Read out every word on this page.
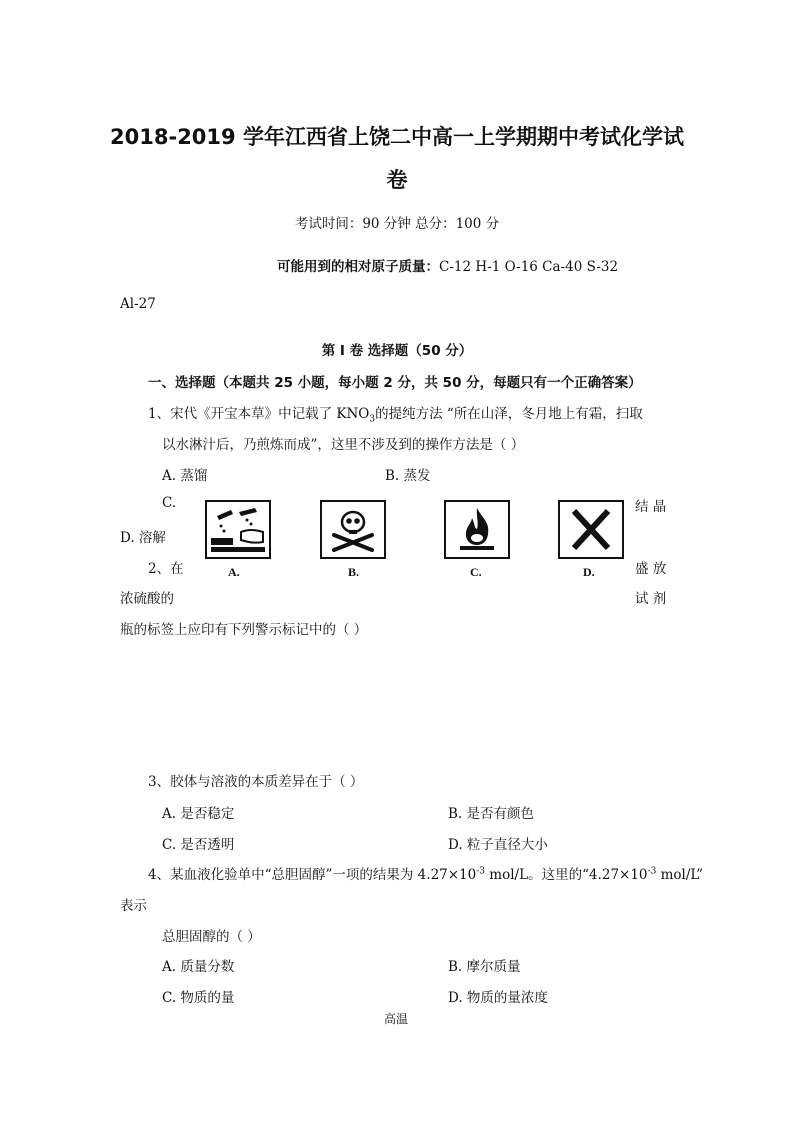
2018-2019 学年江西省上饶二中高一上学期期中考试化学试
卷
考试时间：90 分钟 总分：100 分
可能用到的相对原子质量：C-12 H-1 O-16 Ca-40 S-32
Al-27
第 I 卷 选择题（50 分）
一、选择题（本题共 25 小题，每小题 2 分，共 50 分，每题只有一个正确答案）
1、宋代《开宝本草》中记载了 $KNO_3$的提纯方法 “所在山泽，冬月地上有霜，扫取
以水淋汁后，乃煎炼而成”，这里不涉及到的操作方法是（ ）
A. 蒸馏	B. 蒸发
C.	结 晶
D. 溶解
2、在	盛 放
浓硫酸的	试 剂
瓶的标签上应印有下列警示标记中的（ ）
A.	B.	C.	D.
3、胶体与溶液的本质差异在于（ ）
A. 是否稳定	B. 是否有颜色
C. 是否透明	D. 粒子直径大小
4、某血液化验单中“总胆固醇”一项的结果为 $4.27\times 10^{-3}$ mol/L。这里的“$4.27\times 10^{-3}$ mol/L”
表示
总胆固醇的（ ）
A. 质量分数	B. 摩尔质量
C. 物质的量	D. 物质的量浓度
高温
